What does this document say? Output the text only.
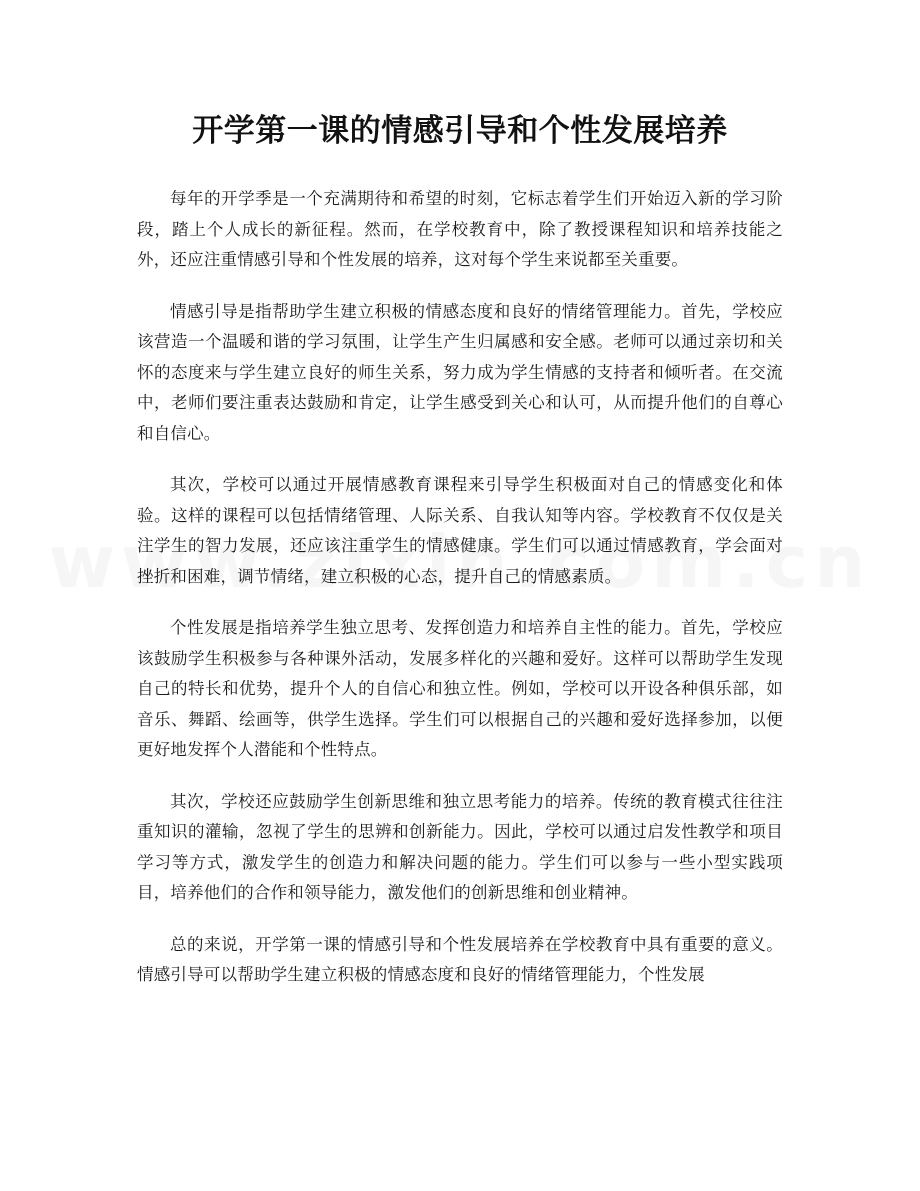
开学第一课的情感引导和个性发展培养

每年的开学季是一个充满期待和希望的时刻，它标志着学生们开始迈入新的学习阶段，踏上个人成长的新征程。然而，在学校教育中，除了教授课程知识和培养技能之外，还应注重情感引导和个性发展的培养，这对每个学生来说都至关重要。

情感引导是指帮助学生建立积极的情感态度和良好的情绪管理能力。首先，学校应该营造一个温暖和谐的学习氛围，让学生产生归属感和安全感。老师可以通过亲切和关怀的态度来与学生建立良好的师生关系，努力成为学生情感的支持者和倾听者。在交流中，老师们要注重表达鼓励和肯定，让学生感受到关心和认可，从而提升他们的自尊心和自信心。

其次，学校可以通过开展情感教育课程来引导学生积极面对自己的情感变化和体验。这样的课程可以包括情绪管理、人际关系、自我认知等内容。学校教育不仅仅是关注学生的智力发展，还应该注重学生的情感健康。学生们可以通过情感教育，学会面对挫折和困难，调节情绪，建立积极的心态，提升自己的情感素质。

个性发展是指培养学生独立思考、发挥创造力和培养自主性的能力。首先，学校应该鼓励学生积极参与各种课外活动，发展多样化的兴趣和爱好。这样可以帮助学生发现自己的特长和优势，提升个人的自信心和独立性。例如，学校可以开设各种俱乐部，如音乐、舞蹈、绘画等，供学生选择。学生们可以根据自己的兴趣和爱好选择参加，以便更好地发挥个人潜能和个性特点。

其次，学校还应鼓励学生创新思维和独立思考能力的培养。传统的教育模式往往注重知识的灌输，忽视了学生的思辨和创新能力。因此，学校可以通过启发性教学和项目学习等方式，激发学生的创造力和解决问题的能力。学生们可以参与一些小型实践项目，培养他们的合作和领导能力，激发他们的创新思维和创业精神。

总的来说，开学第一课的情感引导和个性发展培养在学校教育中具有重要的意义。情感引导可以帮助学生建立积极的情感态度和良好的情绪管理能力，个性发展
